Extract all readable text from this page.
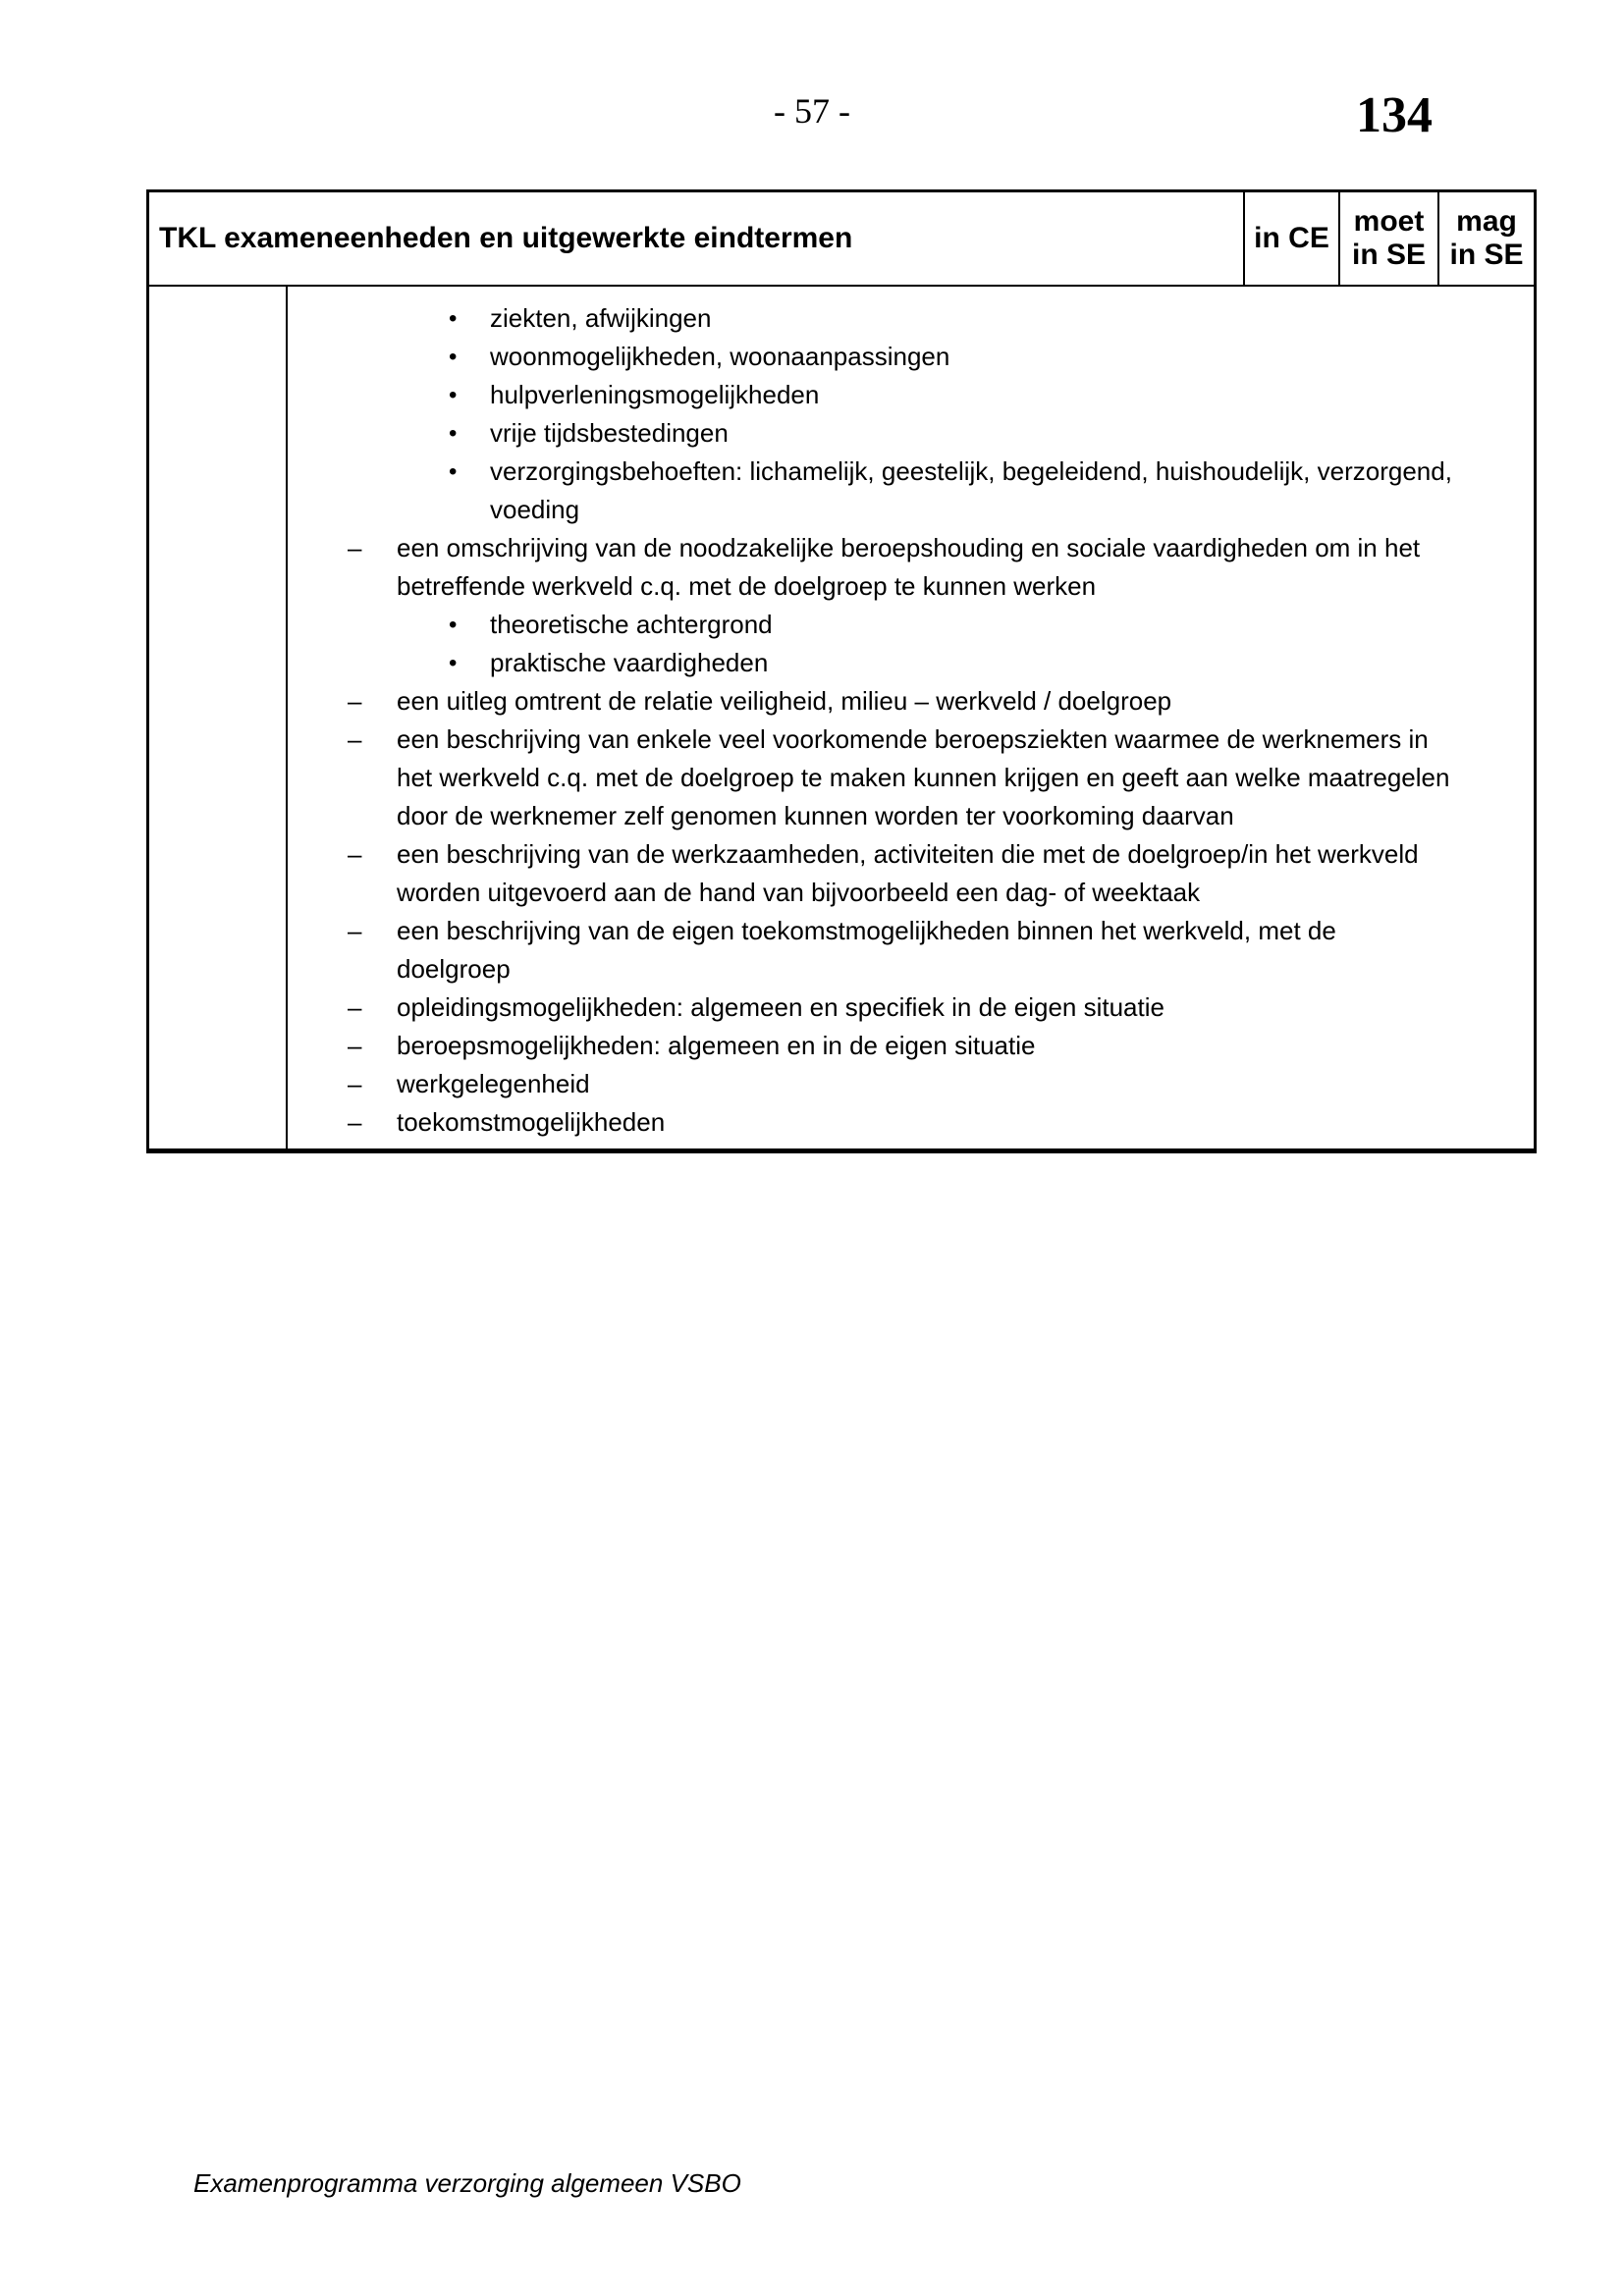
- 57 -	134
TKL exameneenheden en uitgewerkte eindtermen	in CE
moet
in SE
mag
in SE
• ziekten, afwijkingen
• woonmogelijkheden, woonaanpassingen
• hulpverleningsmogelijkheden
• vrije tijdsbestedingen
• verzorgingsbehoeften: lichamelijk, geestelijk, begeleidend, huishoudelijk, verzorgend,
voeding
– een omschrijving van de noodzakelijke beroepshouding en sociale vaardigheden om in het
betreffende werkveld c.q. met de doelgroep te kunnen werken
• theoretische achtergrond
• praktische vaardigheden
– een uitleg omtrent de relatie veiligheid, milieu – werkveld / doelgroep
– een beschrijving van enkele veel voorkomende beroepsziekten waarmee de werknemers in
het werkveld c.q. met de doelgroep te maken kunnen krijgen en geeft aan welke maatregelen
door de werknemer zelf genomen kunnen worden ter voorkoming daarvan
– een beschrijving van de werkzaamheden, activiteiten die met de doelgroep/in het werkveld
worden uitgevoerd aan de hand van bijvoorbeeld een dag- of weektaak
– een beschrijving van de eigen toekomstmogelijkheden binnen het werkveld, met de
doelgroep
– opleidingsmogelijkheden: algemeen en specifiek in de eigen situatie
– beroepsmogelijkheden: algemeen en in de eigen situatie
– werkgelegenheid
– toekomstmogelijkheden
Examenprogramma verzorging algemeen VSBO
